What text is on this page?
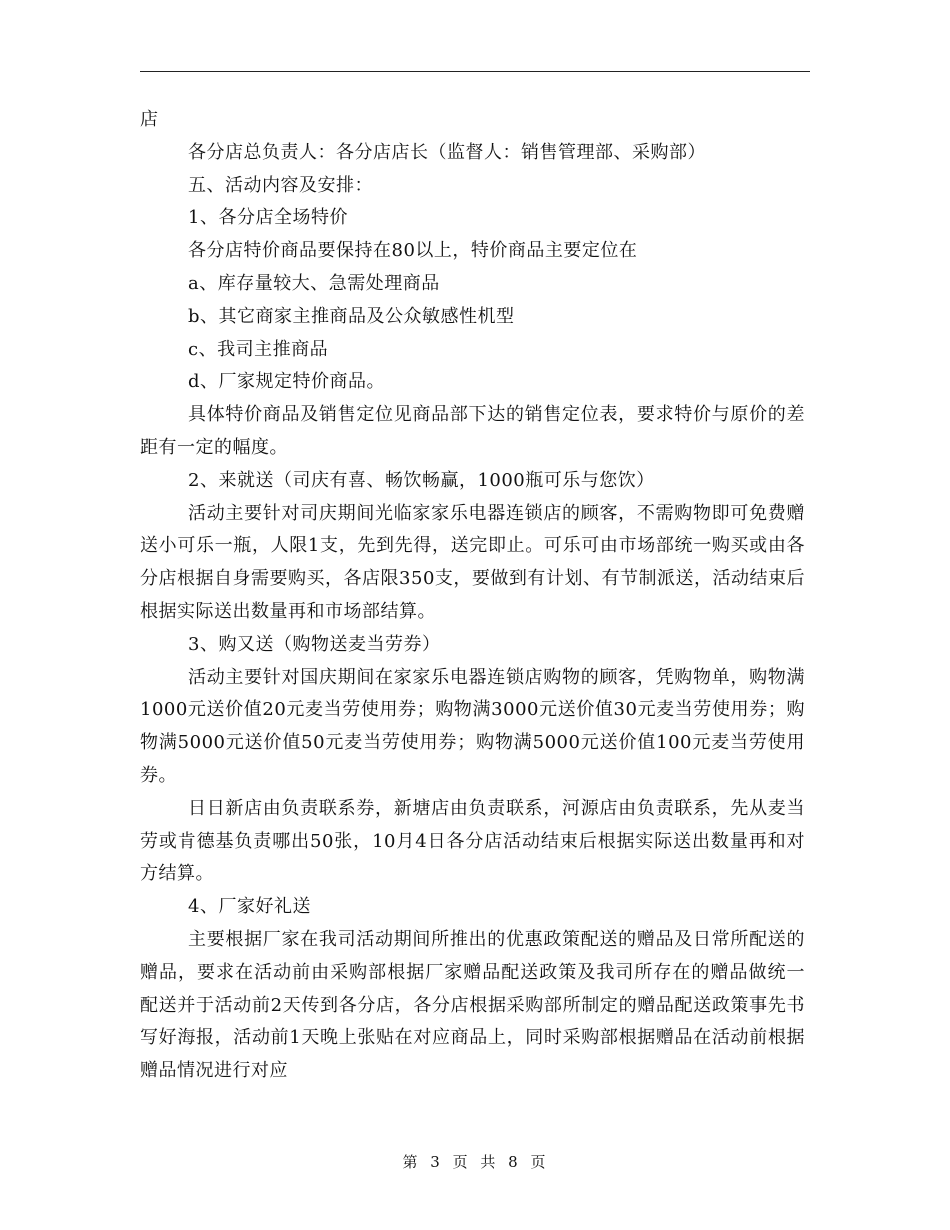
店

各分店总负责人：各分店店长（监督人：销售管理部、采购部）

五、活动内容及安排：

1、各分店全场特价

各分店特价商品要保持在80以上，特价商品主要定位在

a、库存量较大、急需处理商品

b、其它商家主推商品及公众敏感性机型

c、我司主推商品

d、厂家规定特价商品。

具体特价商品及销售定位见商品部下达的销售定位表，要求特价与原价的差距有一定的幅度。

2、来就送（司庆有喜、畅饮畅赢，1000瓶可乐与您饮）

活动主要针对司庆期间光临家家乐电器连锁店的顾客，不需购物即可免费赠送小可乐一瓶，人限1支，先到先得，送完即止。可乐可由市场部统一购买或由各分店根据自身需要购买，各店限350支，要做到有计划、有节制派送，活动结束后根据实际送出数量再和市场部结算。

3、购又送（购物送麦当劳券）

活动主要针对国庆期间在家家乐电器连锁店购物的顾客，凭购物单，购物满1000元送价值20元麦当劳使用券；购物满3000元送价值30元麦当劳使用券；购物满5000元送价值50元麦当劳使用券；购物满5000元送价值100元麦当劳使用券。

日日新店由负责联系券，新塘店由负责联系，河源店由负责联系，先从麦当劳或肯德基负责哪出50张，10月4日各分店活动结束后根据实际送出数量再和对方结算。

4、厂家好礼送

主要根据厂家在我司活动期间所推出的优惠政策配送的赠品及日常所配送的赠品，要求在活动前由采购部根据厂家赠品配送政策及我司所存在的赠品做统一配送并于活动前2天传到各分店，各分店根据采购部所制定的赠品配送政策事先书写好海报，活动前1天晚上张贴在对应商品上，同时采购部根据赠品在活动前根据赠品情况进行对应

第 3 页 共 8 页
